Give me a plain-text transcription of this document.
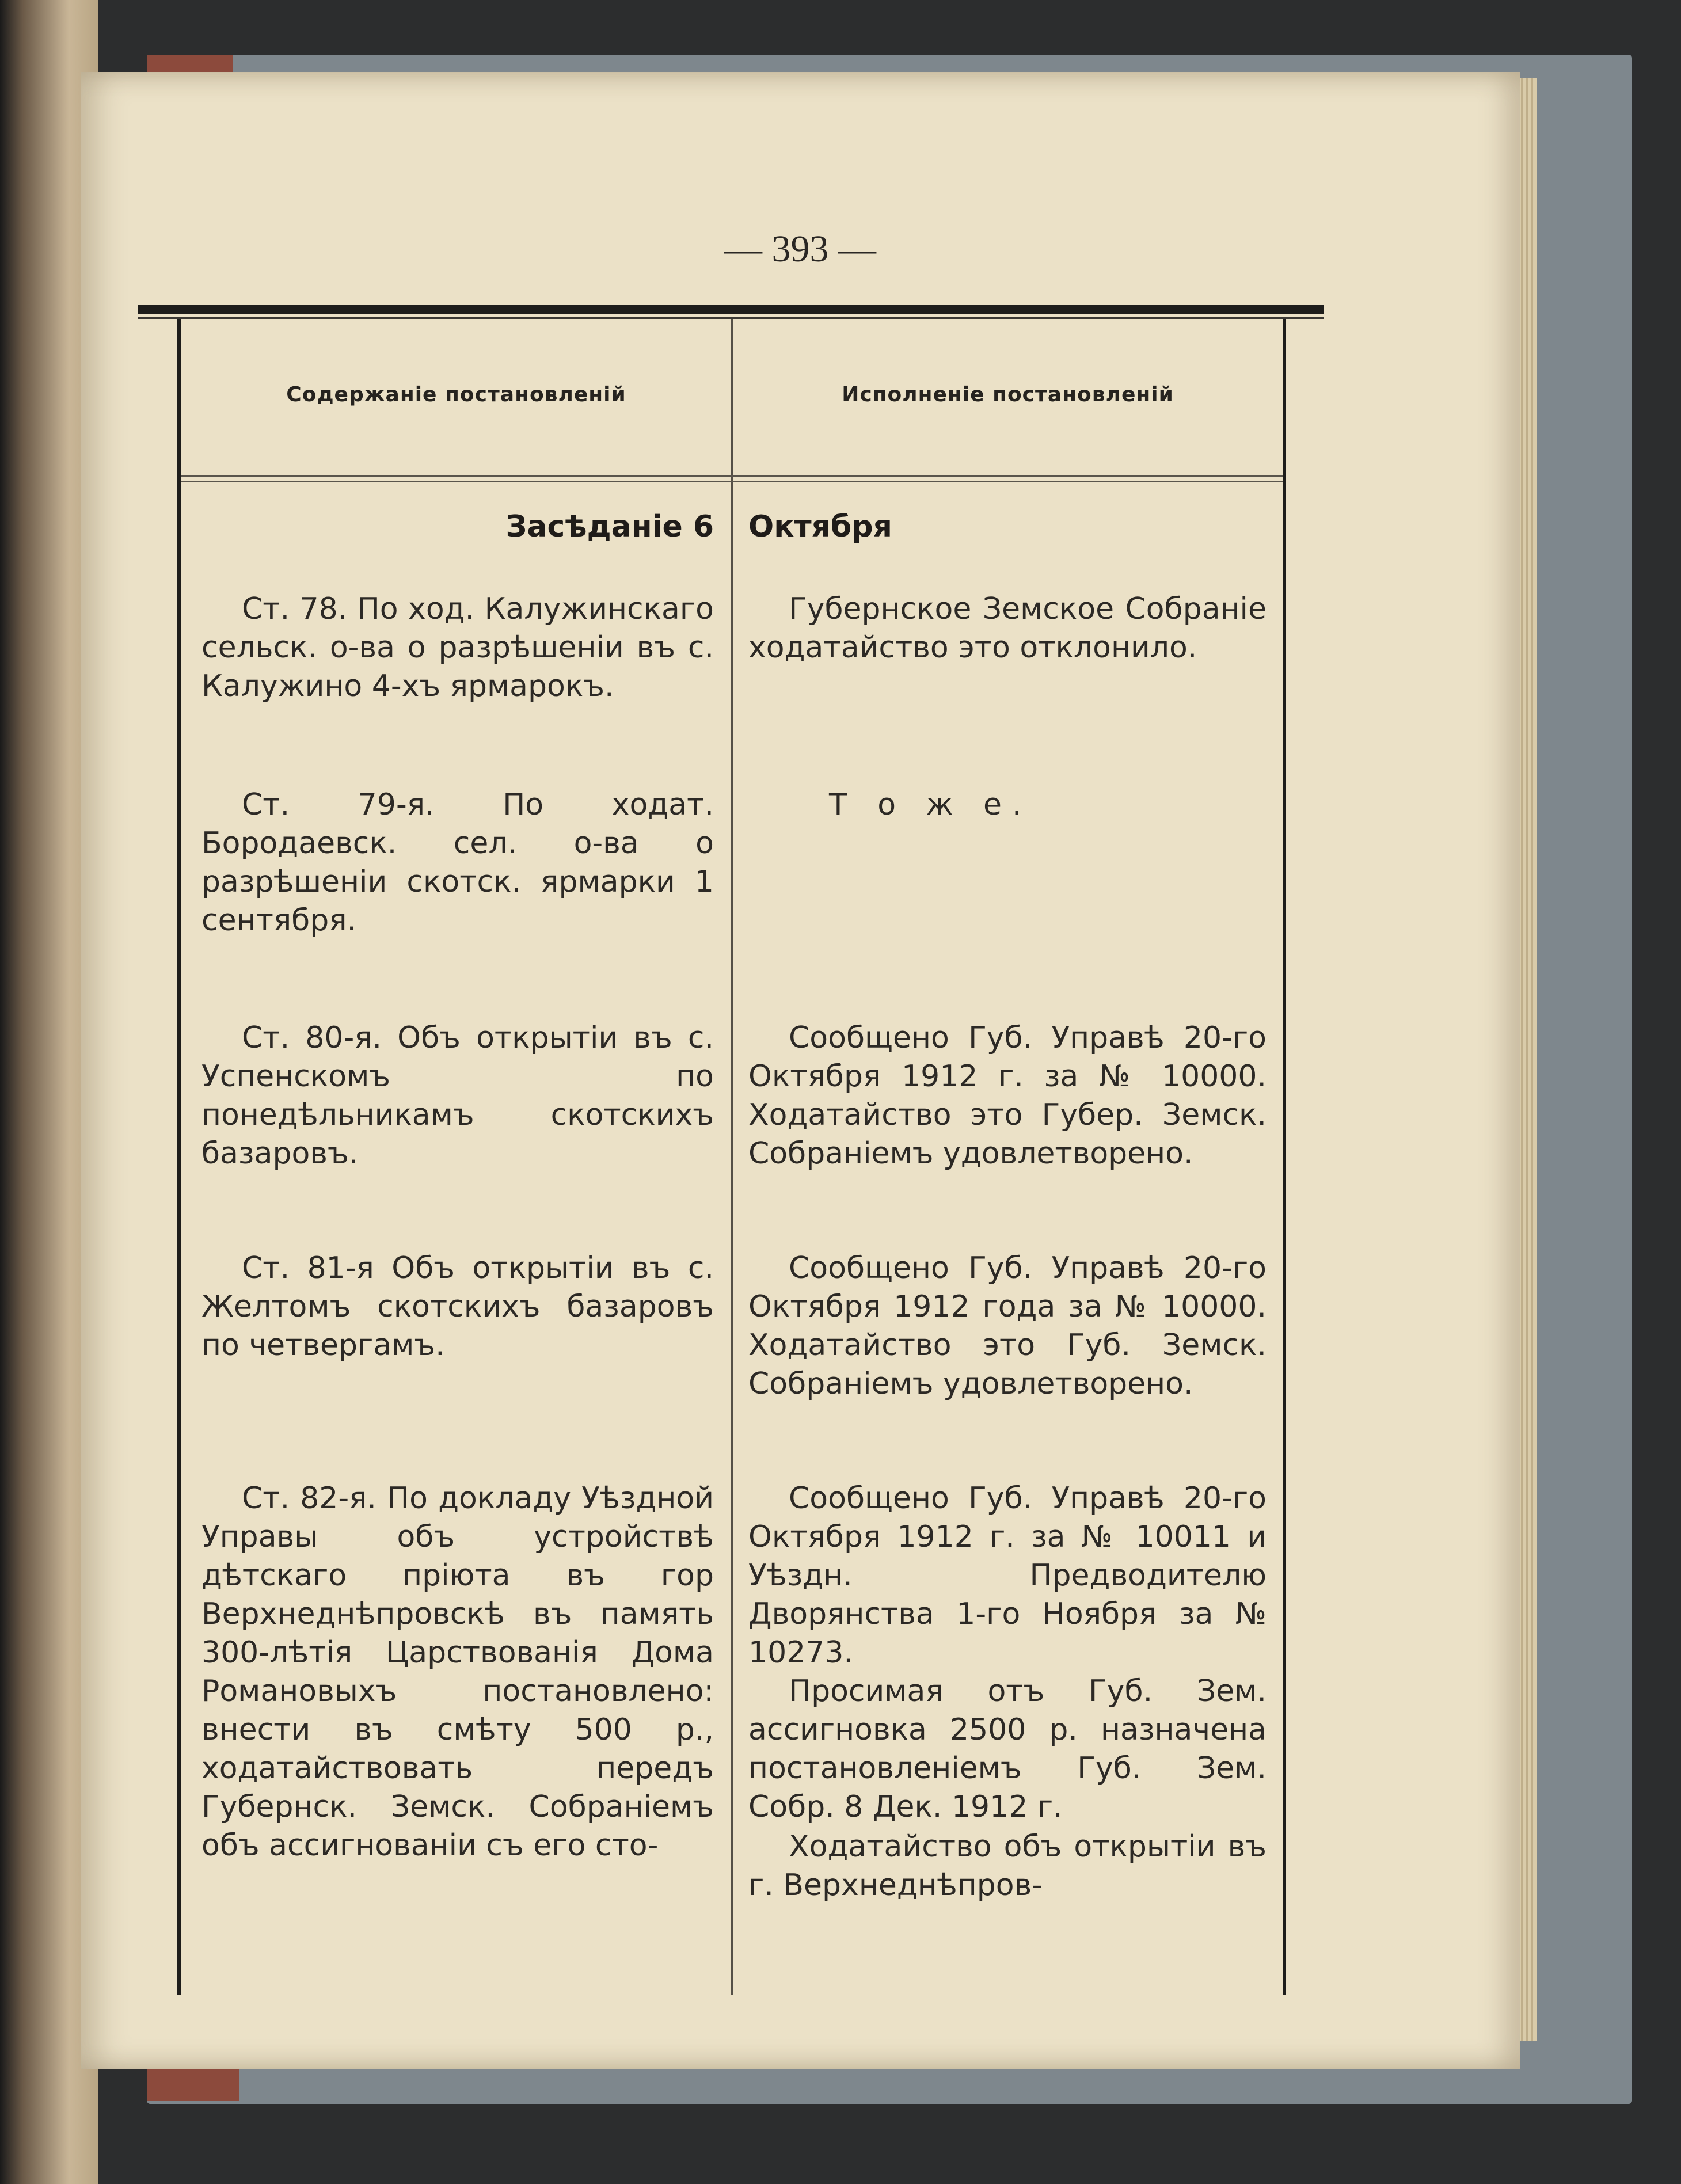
— 393 —
Содержаніе постановленій	Исполненіе постановленій
Засѣданіе 6 Октября

Ст. 78. По ход. Калужинскаго сельск. о-ва о разрѣшеніи въ с. Калужино 4-хъ ярмарокъ.

Ст. 79-я. По ходат. Бородаевск. сел. о-ва о разрѣшеніи скотск. ярмарки 1 сентября.

Ст. 80-я. Объ открытіи въ с. Успенскомъ по понедѣльникамъ скотскихъ базаровъ.

Ст. 81-я Объ открытіи въ с. Желтомъ скотскихъ базаровъ по четвергамъ.

Ст. 82-я. По докладу Уѣздной Управы объ устройствѣ дѣтскаго пріюта въ гор Верхнеднѣпровскѣ въ память 300-лѣтія Царствованія Дома Романовыхъ постановлено: внести въ смѣту 500 р., ходатайствовать передъ Губернск. Земск. Собраніемъ объ ассигнованіи съ его сто-

Губернское Земское Собраніе ходатайство это отклонило.

Т о ж е.

Сообщено Губ. Управѣ 20-го Октября 1912 г. за № 10000. Ходатайство это Губер. Земск. Собраніемъ удовлетворено.

Сообщено Губ. Управѣ 20-го Октября 1912 года за № 10000. Ходатайство это Губ. Земск. Собраніемъ удовлетворено.

Сообщено Губ. Управѣ 20-го Октября 1912 г. за № 10011 и Уѣздн. Предводителю Дворянства 1-го Ноября за № 10273.

Просимая отъ Губ. Зем. ассигновка 2500 р. назначена постановленіемъ Губ. Зем. Собр. 8 Дек. 1912 г.

Ходатайство объ открытіи въ г. Верхнеднѣпров-
